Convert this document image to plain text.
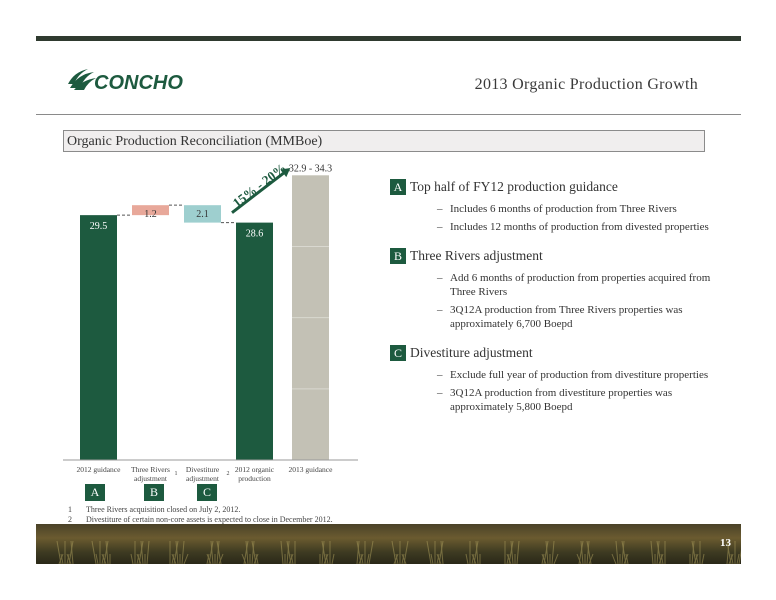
CONCHO	2013 Organic Production Growth
Organic Production Reconciliation (MMBoe)
29.5
1.2	2.1
28.6
32.9 - 34.3
2012 guidance Three Rivers
adjustment 1 Divestiture
adjustment 2 2012 organic
production
2013 guidance
15% - 20%
A	B	C
1 Three Rivers acquisition closed on July 2, 2012.
2 Divestiture of certain non-core assets is expected to close in December 2012.
A Top half of FY12 production guidance
– Includes 6 months of production from Three Rivers
– Includes 12 months of production from divested properties
B Three Rivers adjustment
– Add 6 months of production from properties acquired from Three Rivers
– 3Q12A production from Three Rivers properties was approximately 6,700 Boepd
C Divestiture adjustment
– Exclude full year of production from divestiture properties
– 3Q12A production from divestiture properties was approximately 5,800 Boepd
13
